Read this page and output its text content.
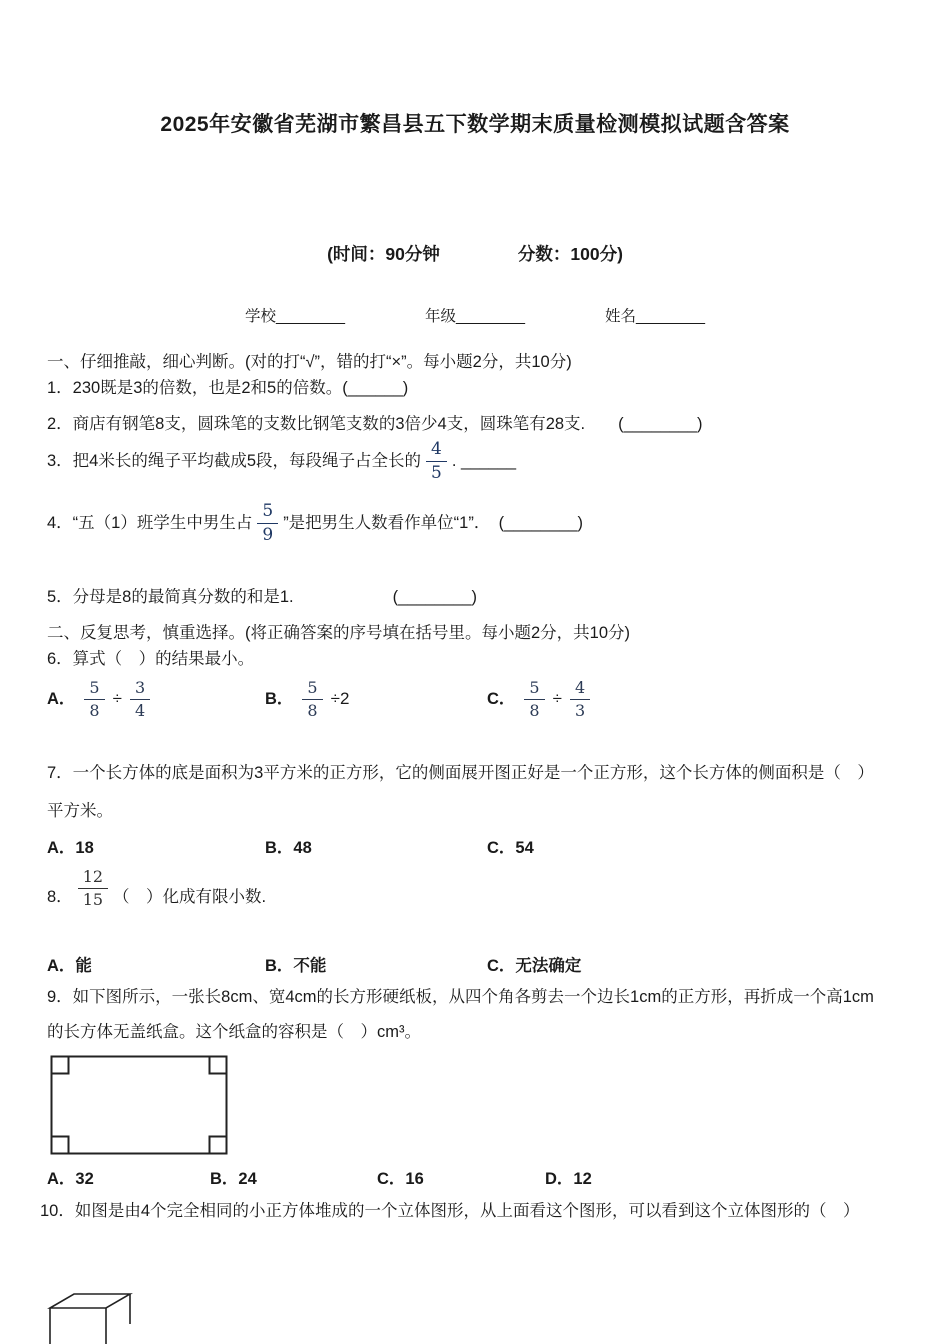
2025年安徽省芜湖市繁昌县五下数学期末质量检测模拟试题含答案
(时间：90分钟	分数：100分)
学校________	年级________	姓名________
一、仔细推敲，细心判断。(对的打“√”，错的打“×”。每小题2分，共10分)
1．230既是3的倍数，也是2和5的倍数。(______)
2．商店有钢笔8支，圆珠笔的支数比钢笔支数的3倍少4支，圆珠笔有28支.　　(________)
3．把4米长的绳子平均截成5段，每段绳子占全长的 $\frac{4}{5}$ . ______
4．“五（1）班学生中男生占 $\frac{5}{9}$ ”是把男生人数看作单位“1”．　(________)
5．分母是8的最简真分数的和是1.　　　　　　(________)
二、反复思考，慎重选择。(将正确答案的序号填在括号里。每小题2分，共10分)
6．算式（　）的结果最小。
A． $\frac{5}{8} \div \frac{3}{4}$	B． $\frac{5}{8} \div 2$	C． $\frac{5}{8} \div \frac{4}{3}$
7．一个长方体的底是面积为3平方米的正方形，它的侧面展开图正好是一个正方形，这个长方体的侧面积是（　）
平方米。
A．18	B．48	C．54
8． $\frac{12}{15}$ （　）化成有限小数.
A．能	B．不能	C．无法确定
9．如下图所示，一张长8cm、宽4cm的长方形硬纸板，从四个角各剪去一个边长1cm的正方形，再折成一个高1cm
的长方体无盖纸盒。这个纸盒的容积是（　）cm³。
A．32	B．24	C．16	D．12
10．如图是由4个完全相同的小正方体堆成的一个立体图形，从上面看这个图形，可以看到这个立体图形的（　）
